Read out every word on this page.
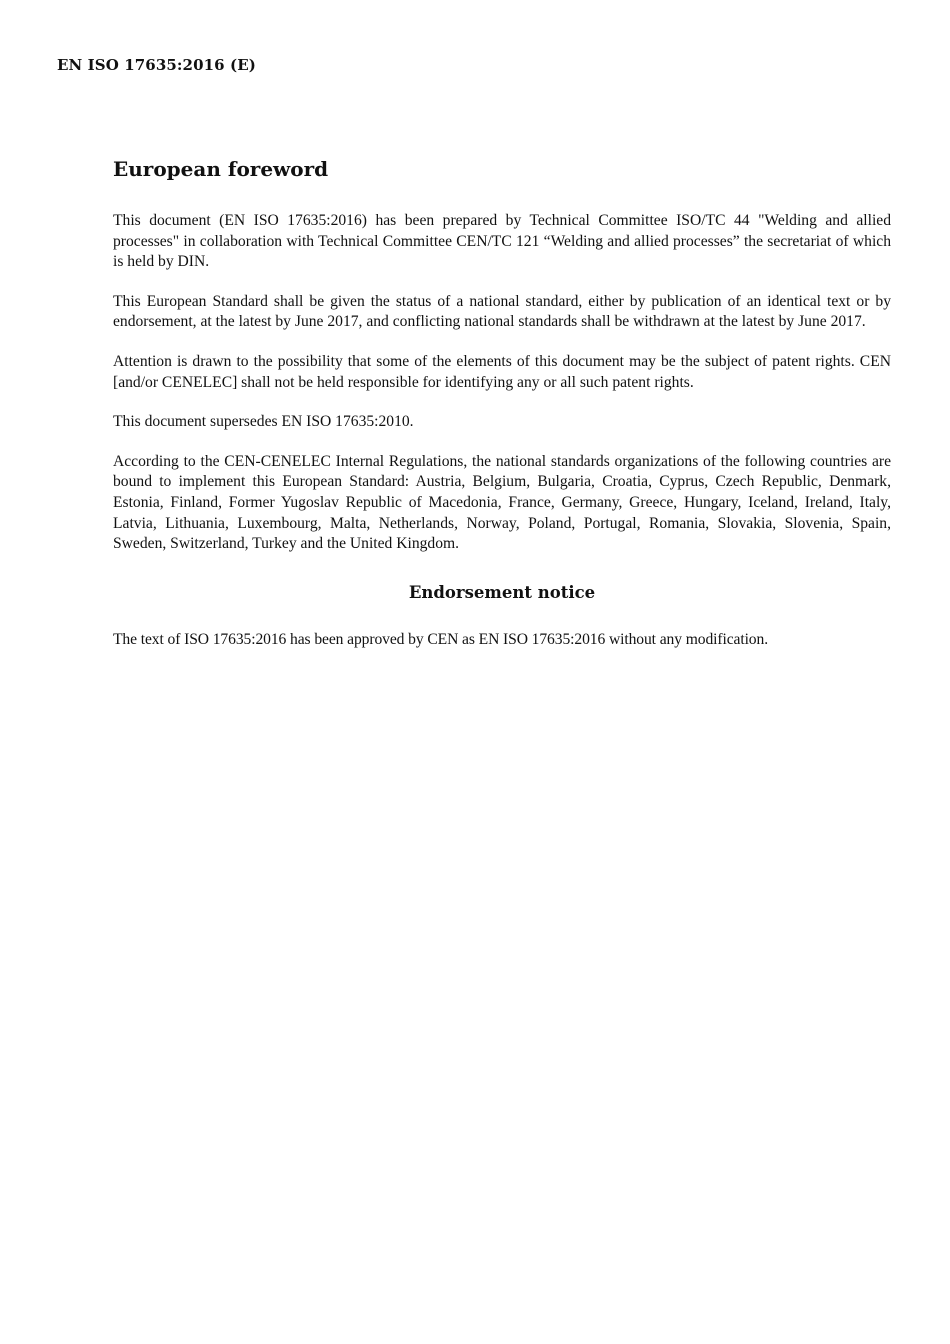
EN ISO 17635:2016 (E)
European foreword

This document (EN ISO 17635:2016) has been prepared by Technical Committee ISO/TC 44 "Welding and allied processes" in collaboration with Technical Committee CEN/TC 121 “Welding and allied processes” the secretariat of which is held by DIN.

This European Standard shall be given the status of a national standard, either by publication of an identical text or by endorsement, at the latest by June 2017, and conflicting national standards shall be withdrawn at the latest by June 2017.

Attention is drawn to the possibility that some of the elements of this document may be the subject of patent rights. CEN [and/or CENELEC] shall not be held responsible for identifying any or all such patent rights.

This document supersedes EN ISO 17635:2010.

According to the CEN-CENELEC Internal Regulations, the national standards organizations of the following countries are bound to implement this European Standard: Austria, Belgium, Bulgaria, Croatia, Cyprus, Czech Republic, Denmark, Estonia, Finland, Former Yugoslav Republic of Macedonia, France, Germany, Greece, Hungary, Iceland, Ireland, Italy, Latvia, Lithuania, Luxembourg, Malta, Netherlands, Norway, Poland, Portugal, Romania, Slovakia, Slovenia, Spain, Sweden, Switzerland, Turkey and the United Kingdom.

Endorsement notice

The text of ISO 17635:2016 has been approved by CEN as EN ISO 17635:2016 without any modification.
